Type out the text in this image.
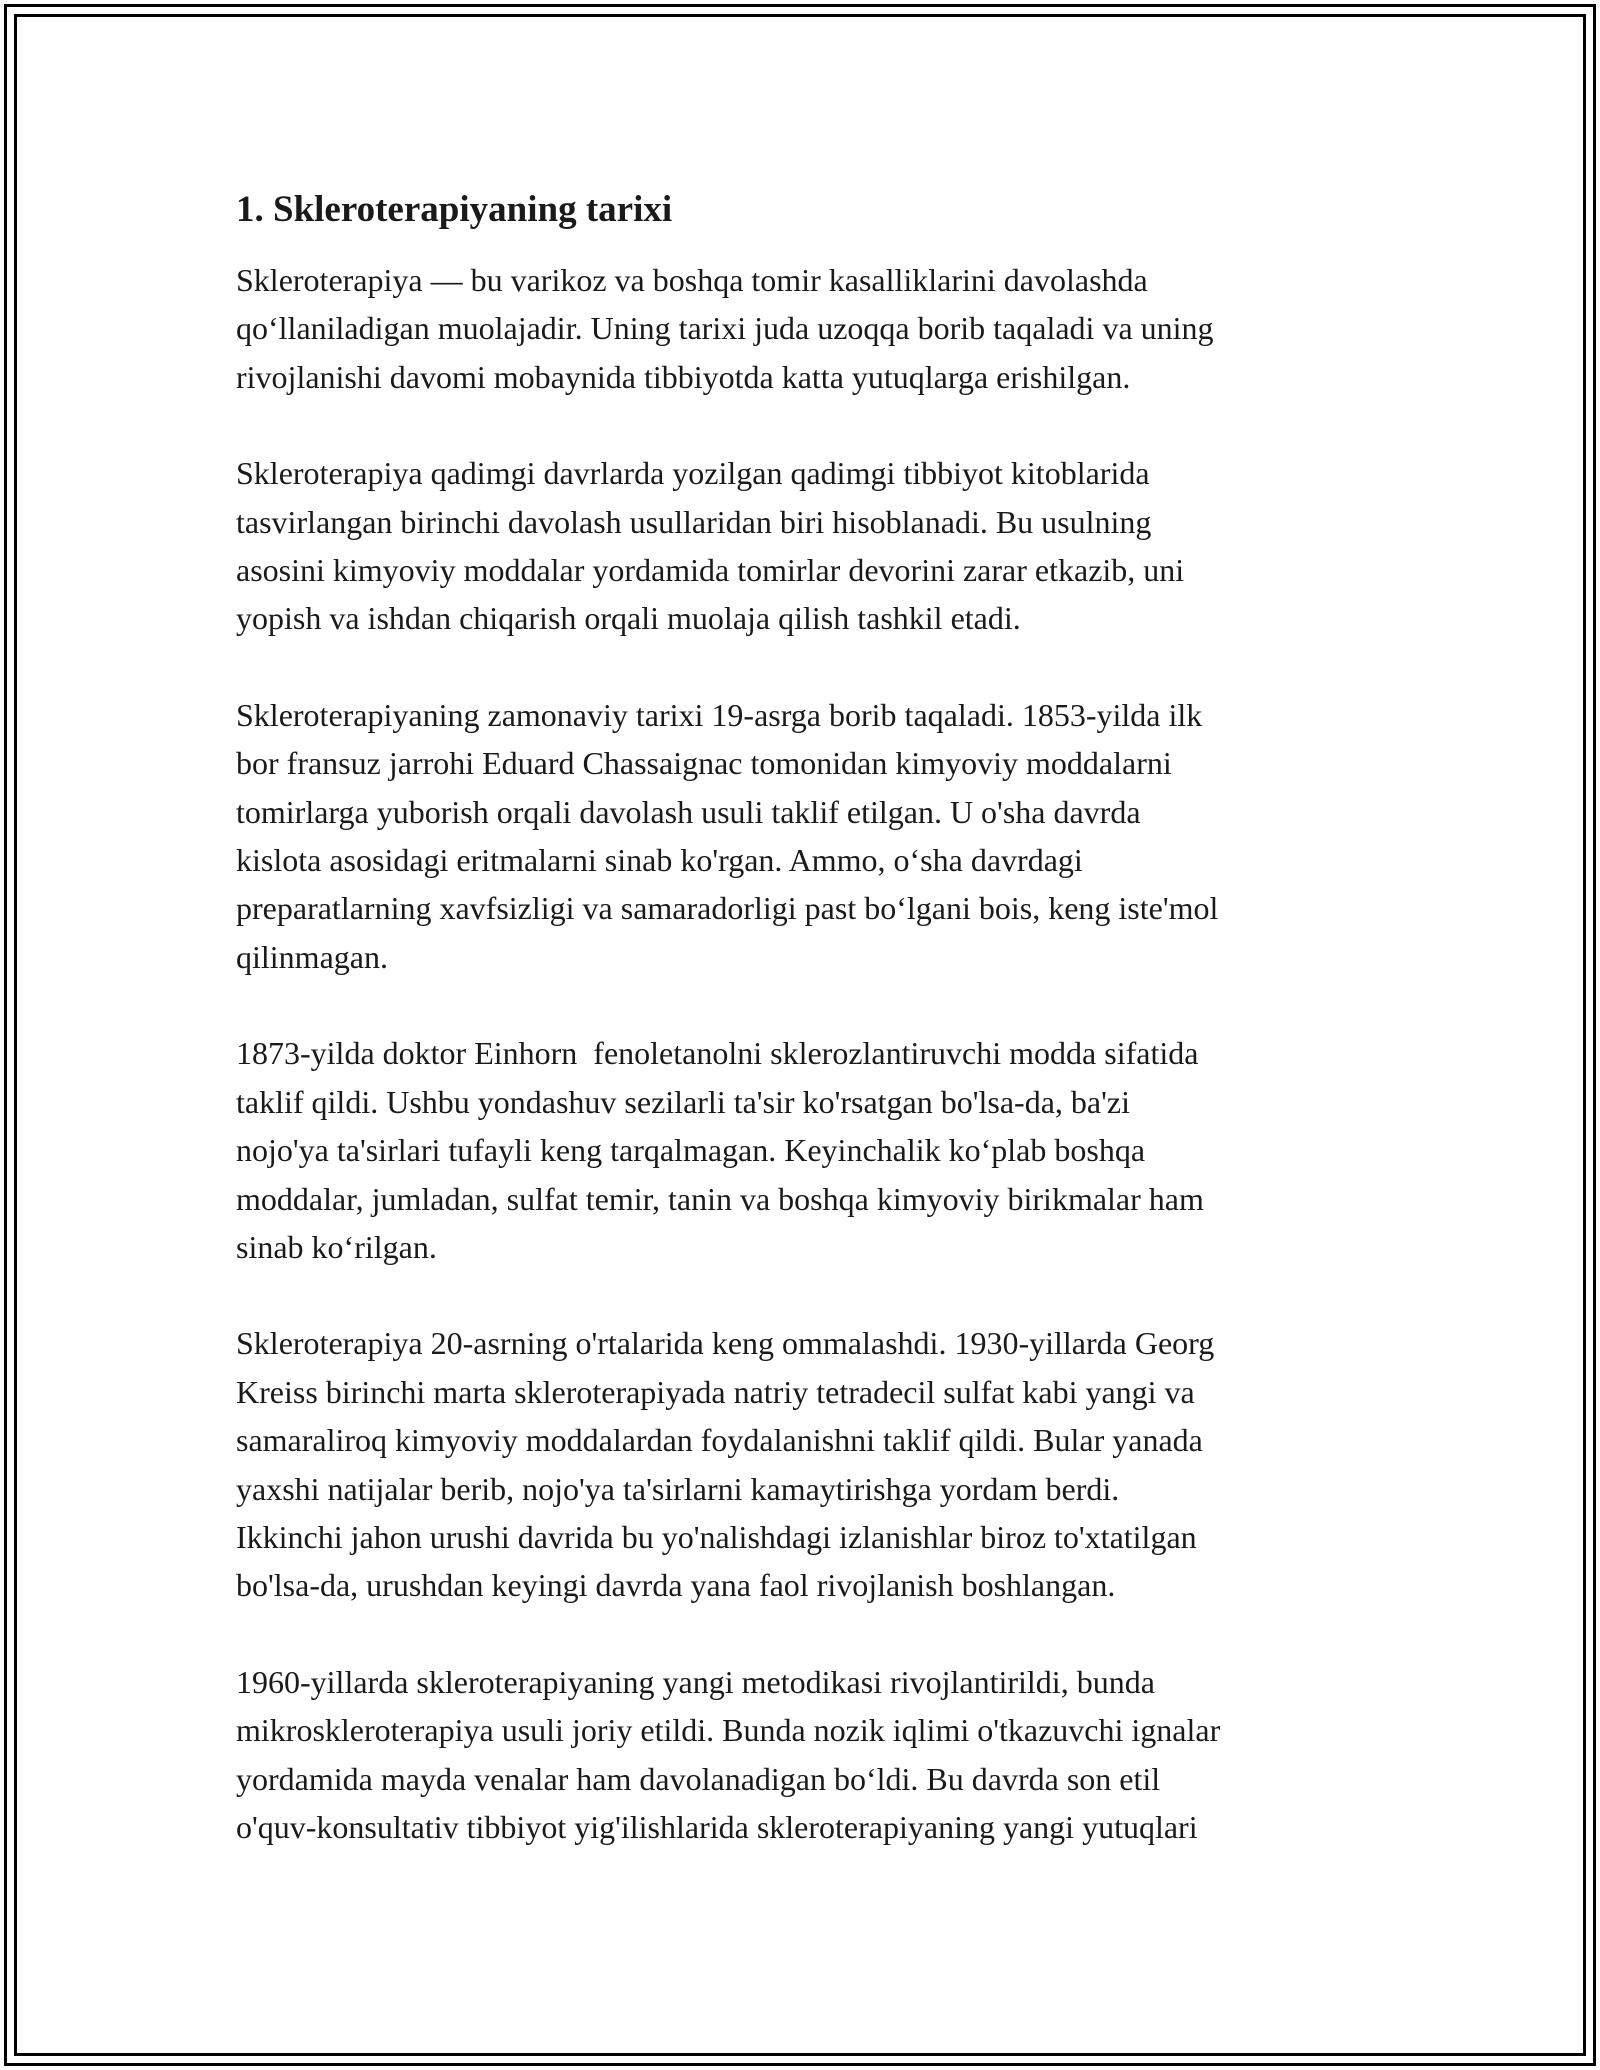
1. Skleroterapiyaning tarixi

Skleroterapiya — bu varikoz va boshqa tomir kasalliklarini davolashda
qo‘llaniladigan muolajadir. Uning tarixi juda uzoqqa borib taqaladi va uning
rivojlanishi davomi mobaynida tibbiyotda katta yutuqlarga erishilgan.

Skleroterapiya qadimgi davrlarda yozilgan qadimgi tibbiyot kitoblarida
tasvirlangan birinchi davolash usullaridan biri hisoblanadi. Bu usulning
asosini kimyoviy moddalar yordamida tomirlar devorini zarar etkazib, uni
yopish va ishdan chiqarish orqali muolaja qilish tashkil etadi.

Skleroterapiyaning zamonaviy tarixi 19-asrga borib taqaladi. 1853-yilda ilk
bor fransuz jarrohi Eduard Chassaignac tomonidan kimyoviy moddalarni
tomirlarga yuborish orqali davolash usuli taklif etilgan. U o'sha davrda
kislota asosidagi eritmalarni sinab ko'rgan. Ammo, o‘sha davrdagi
preparatlarning xavfsizligi va samaradorligi past bo‘lgani bois, keng iste'mol
qilinmagan.

1873-yilda doktor Einhorn  fenoletanolni sklerozlantiruvchi modda sifatida
taklif qildi. Ushbu yondashuv sezilarli ta'sir ko'rsatgan bo'lsa-da, ba'zi
nojo'ya ta'sirlari tufayli keng tarqalmagan. Keyinchalik ko‘plab boshqa
moddalar, jumladan, sulfat temir, tanin va boshqa kimyoviy birikmalar ham
sinab ko‘rilgan.

Skleroterapiya 20-asrning o'rtalarida keng ommalashdi. 1930-yillarda Georg
Kreiss birinchi marta skleroterapiyada natriy tetradecil sulfat kabi yangi va
samaraliroq kimyoviy moddalardan foydalanishni taklif qildi. Bular yanada
yaxshi natijalar berib, nojo'ya ta'sirlarni kamaytirishga yordam berdi.
Ikkinchi jahon urushi davrida bu yo'nalishdagi izlanishlar biroz to'xtatilgan
bo'lsa-da, urushdan keyingi davrda yana faol rivojlanish boshlangan.

1960-yillarda skleroterapiyaning yangi metodikasi rivojlantirildi, bunda
mikroskleroterapiya usuli joriy etildi. Bunda nozik iqlimi o'tkazuvchi ignalar
yordamida mayda venalar ham davolanadigan bo‘ldi. Bu davrda son etil
o'quv-konsultativ tibbiyot yig'ilishlarida skleroterapiyaning yangi yutuqlari
